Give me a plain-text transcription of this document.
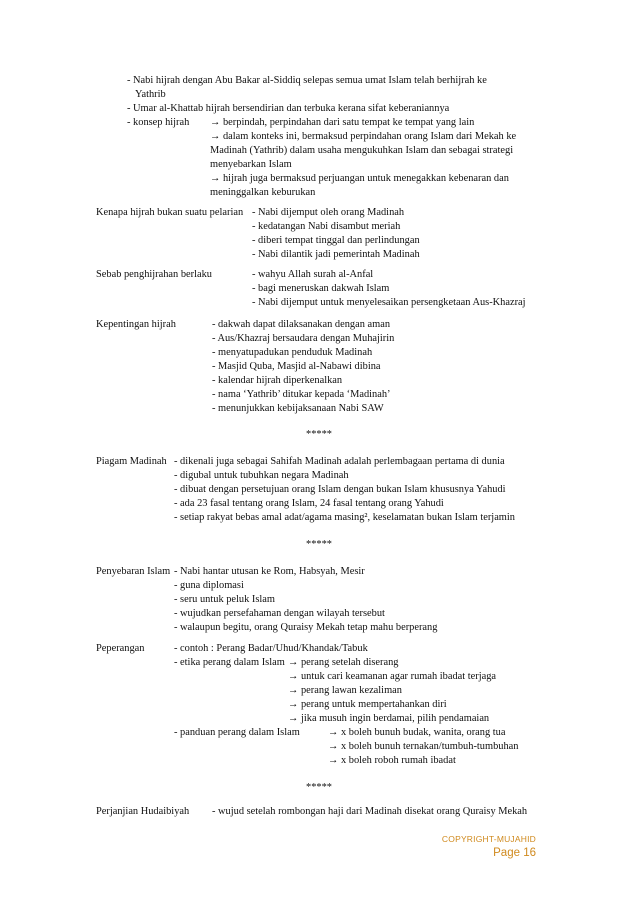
- Nabi hijrah dengan Abu Bakar al-Siddiq selepas semua umat Islam telah berhijrah ke
Yathrib
- Umar al-Khattab hijrah bersendirian dan terbuka kerana sifat keberaniannya
- konsep hijrah → berpindah, perpindahan dari satu tempat ke tempat yang lain
→ dalam konteks ini, bermaksud perpindahan orang Islam dari Mekah ke
Madinah (Yathrib) dalam usaha mengukuhkan Islam dan sebagai strategi
menyebarkan Islam
→ hijrah juga bermaksud perjuangan untuk menegakkan kebenaran dan
meninggalkan keburukan
Kenapa hijrah bukan suatu pelarian - Nabi dijemput oleh orang Madinah
- kedatangan Nabi disambut meriah
- diberi tempat tinggal dan perlindungan
- Nabi dilantik jadi pemerintah Madinah
Sebab penghijrahan berlaku	- wahyu Allah surah al-Anfal
- bagi meneruskan dakwah Islam
- Nabi dijemput untuk menyelesaikan persengketaan Aus-Khazraj
Kepentingan hijrah	- dakwah dapat dilaksanakan dengan aman
- Aus/Khazraj bersaudara dengan Muhajirin
- menyatupadukan penduduk Madinah
- Masjid Quba, Masjid al-Nabawi dibina
- kalendar hijrah diperkenalkan
- nama ‘Yathrib’ ditukar kepada ‘Madinah’
- menunjukkan kebijaksanaan Nabi SAW
*****
Piagam Madinah - dikenali juga sebagai Sahifah Madinah adalah perlembagaan pertama di dunia
- digubal untuk tubuhkan negara Madinah
- dibuat dengan persetujuan orang Islam dengan bukan Islam khususnya Yahudi
- ada 23 fasal tentang orang Islam, 24 fasal tentang orang Yahudi
- setiap rakyat bebas amal adat/agama masing², keselamatan bukan Islam terjamin
*****
Penyebaran Islam - Nabi hantar utusan ke Rom, Habsyah, Mesir
- guna diplomasi
- seru untuk peluk Islam
- wujudkan persefahaman dengan wilayah tersebut
- walaupun begitu, orang Quraisy Mekah tetap mahu berperang
Peperangan	- contoh : Perang Badar/Uhud/Khandak/Tabuk
- etika perang dalam Islam → perang setelah diserang
→ untuk cari keamanan agar rumah ibadat terjaga
→ perang lawan kezaliman
→ perang untuk mempertahankan diri
→ jika musuh ingin berdamai, pilih pendamaian
- panduan perang dalam Islam	→ x boleh bunuh budak, wanita, orang tua
→ x boleh bunuh ternakan/tumbuh-tumbuhan
→ x boleh roboh rumah ibadat
*****
Perjanjian Hudaibiyah - wujud setelah rombongan haji dari Madinah disekat orang Quraisy Mekah
COPYRIGHT-MUJAHID
Page 16
